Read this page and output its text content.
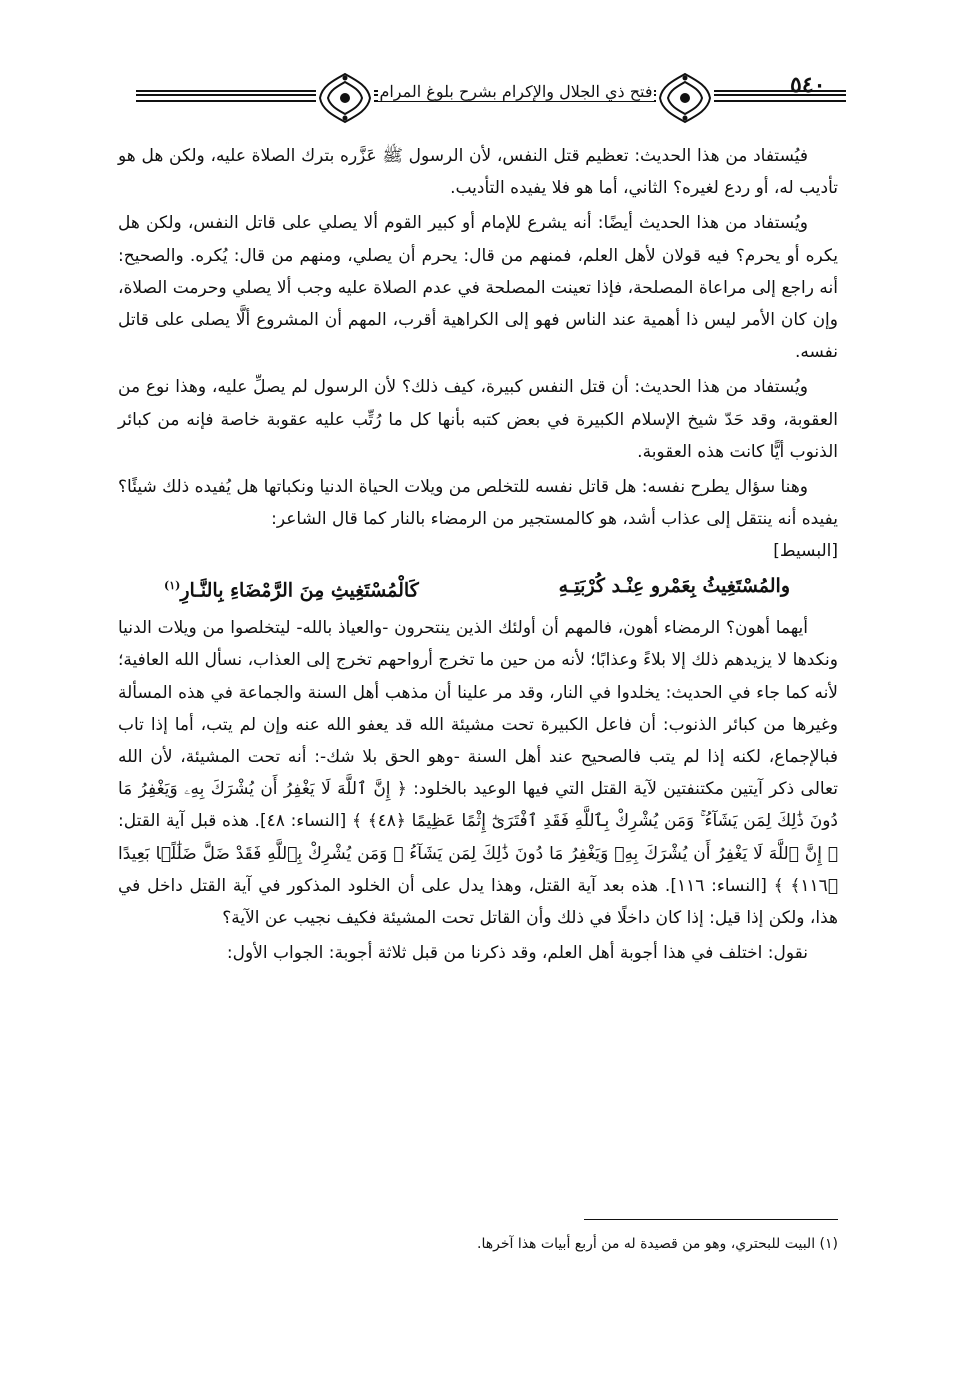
فتح ذي الجلال والإكرام بشرح بلوغ المرام	٥٤٠

فيُستفاد من هذا الحديث: تعظيم قتل النفس، لأن الرسول ﷺ عَزَّره بترك الصلاة عليه، ولكن هل هو تأديب له، أو ردع لغيره؟ الثاني، أما هو فلا يفيده التأديب.

ويُستفاد من هذا الحديث أيضًا: أنه يشرع للإمام أو كبير القوم ألا يصلي على قاتل النفس، ولكن هل يكره أو يحرم؟ فيه قولان لأهل العلم، فمنهم من قال: يحرم أن يصلي، ومنهم من قال: يُكره. والصحيح: أنه راجع إلى مراعاة المصلحة، فإذا تعينت المصلحة في عدم الصلاة عليه وجب ألا يصلي وحرمت الصلاة، وإن كان الأمر ليس ذا أهمية عند الناس فهو إلى الكراهية أقرب، المهم أن المشروع ألَّا يصلى على قاتل نفسه.

ويُستفاد من هذا الحديث: أن قتل النفس كبيرة، كيف ذلك؟ لأن الرسول لم يصلِّ عليه، وهذا نوع من العقوبة، وقد حَدّ شيخ الإسلام الكبيرة في بعض كتبه بأنها كل ما رُتِّب عليه عقوبة خاصة فإنه من كبائر الذنوب أيًّا كانت هذه العقوبة.

وهنا سؤال يطرح نفسه: هل قاتل نفسه للتخلص من ويلات الحياة الدنيا ونكباتها هل يُفيده ذلك شيئًا؟ يفيده أنه ينتقل إلى عذاب أشد، هو كالمستجير من الرمضاء بالنار كما قال الشاعر:

[البسيط]

والمُسْتَغِيثُ بِعَمْرو عِنْـد كُرْبَتِـهِ
كَالْمُسْتَغِيثِ مِنَ الرَّمْضَاءِ بِالنَّـارِ$^{(١)}$

أيهما أهون؟ الرمضاء أهون، فالمهم أن أولئك الذين ينتحرون -والعياذ بالله- ليتخلصوا من ويلات الدنيا ونكدها لا يزيدهم ذلك إلا بلاءً وعذابًا؛ لأنه من حين ما تخرج أرواحهم تخرج إلى العذاب، نسأل الله العافية؛ لأنه كما جاء في الحديث: يخلدوا في النار، وقد مر علينا أن مذهب أهل السنة والجماعة في هذه المسألة وغيرها من كبائر الذنوب: أن فاعل الكبيرة تحت مشيئة الله قد يعفو الله عنه وإن لم يتب، أما إذا تاب فبالإجماع، لكنه إذا لم يتب فالصحيح عند أهل السنة -وهو الحق بلا شك-: أنه تحت المشيئة، لأن الله تعالى ذكر آيتين مكتنفتين لآية القتل التي فيها الوعيد بالخلود: ﴿ إِنَّ ٱللَّهَ لَا يَغْفِرُ أَن يُشْرَكَ بِهِۦ وَيَغْفِرُ مَا دُونَ ذَٰلِكَ لِمَن يَشَآءُ ۚ وَمَن يُشْرِكْ بِٱللَّهِ فَقَدِ ٱفْتَرَىٰٓ إِثْمًا عَظِيمًا ﴿٤٨﴾ ﴾ [النساء: ٤٨]. هذه قبل آية القتل: ﴿ إِنَّ ٱللَّهَ لَا يَغْفِرُ أَن يُشْرَكَ بِهِۦ وَيَغْفِرُ مَا دُونَ ذَٰلِكَ لِمَن يَشَآءُ ۚ وَمَن يُشْرِكْ بِٱللَّهِ فَقَدْ ضَلَّ ضَلَٰلًۢا بَعِيدًا ﴿١١٦﴾ ﴾ [النساء: ١١٦]. هذه بعد آية القتل، وهذا يدل على أن الخلود المذكور في آية القتل داخل في هذا، ولكن إذا قيل: إذا كان داخلًا في ذلك وأن القاتل تحت المشيئة فكيف نجيب عن الآية؟

نقول: اختلف في هذا أجوبة أهل العلم، وقد ذكرنا من قبل ثلاثة أجوبة: الجواب الأول:

(١) البيت للبحتري، وهو من قصيدة له من أربع أبيات هذا آخرها.
